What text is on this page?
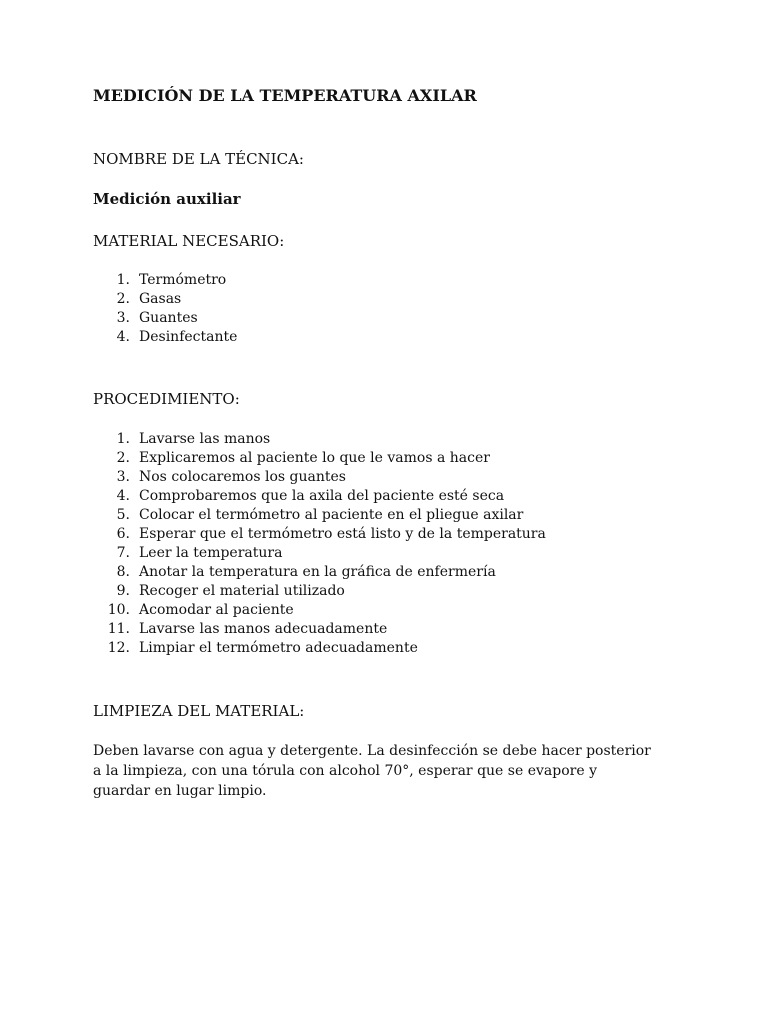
MEDICIÓN DE LA TEMPERATURA AXILAR
NOMBRE DE LA TÉCNICA:
Medición auxiliar
MATERIAL NECESARIO:
1. Termómetro
2. Gasas
3. Guantes
4. Desinfectante
PROCEDIMIENTO:
1. Lavarse las manos
2. Explicaremos al paciente lo que le vamos a hacer
3. Nos colocaremos los guantes
4. Comprobaremos que la axila del paciente esté seca
5. Colocar el termómetro al paciente en el pliegue axilar
6. Esperar que el termómetro está listo y de la temperatura
7. Leer la temperatura
8. Anotar la temperatura en la gráfica de enfermería
9. Recoger el material utilizado
10. Acomodar al paciente
11. Lavarse las manos adecuadamente
12. Limpiar el termómetro adecuadamente
LIMPIEZA DEL MATERIAL:

Deben lavarse con agua y detergente. La desinfección se debe hacer posterior a la limpieza, con una tórula con alcohol 70°, esperar que se evapore y guardar en lugar limpio.
